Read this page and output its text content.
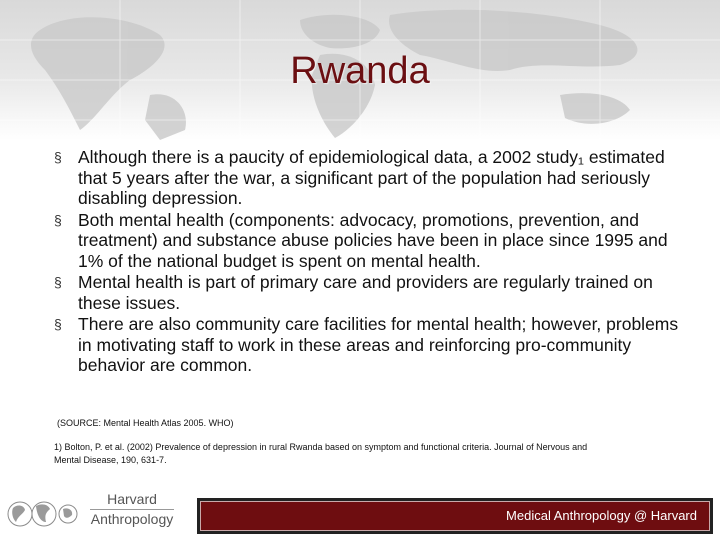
Rwanda
§ Although there is a paucity of epidemiological data, a 2002 study₁ estimated that 5 years after the war, a significant part of the population had seriously disabling depression.
§ Both mental health (components: advocacy, promotions, prevention, and treatment) and substance abuse policies have been in place since 1995 and 1% of the national budget is spent on mental health.
§ Mental health is part of primary care and providers are regularly trained on these issues.
§ There are also community care facilities for mental health; however, problems in motivating staff to work in these areas and reinforcing pro-community behavior are common.
(SOURCE: Mental Health Atlas 2005. WHO)
1) Bolton, P. et al. (2002) Prevalence of depression in rural Rwanda based on symptom and functional criteria. Journal of Nervous and Mental Disease, 190, 631-7.
Harvard
Anthropology	Medical Anthropology @ Harvard
